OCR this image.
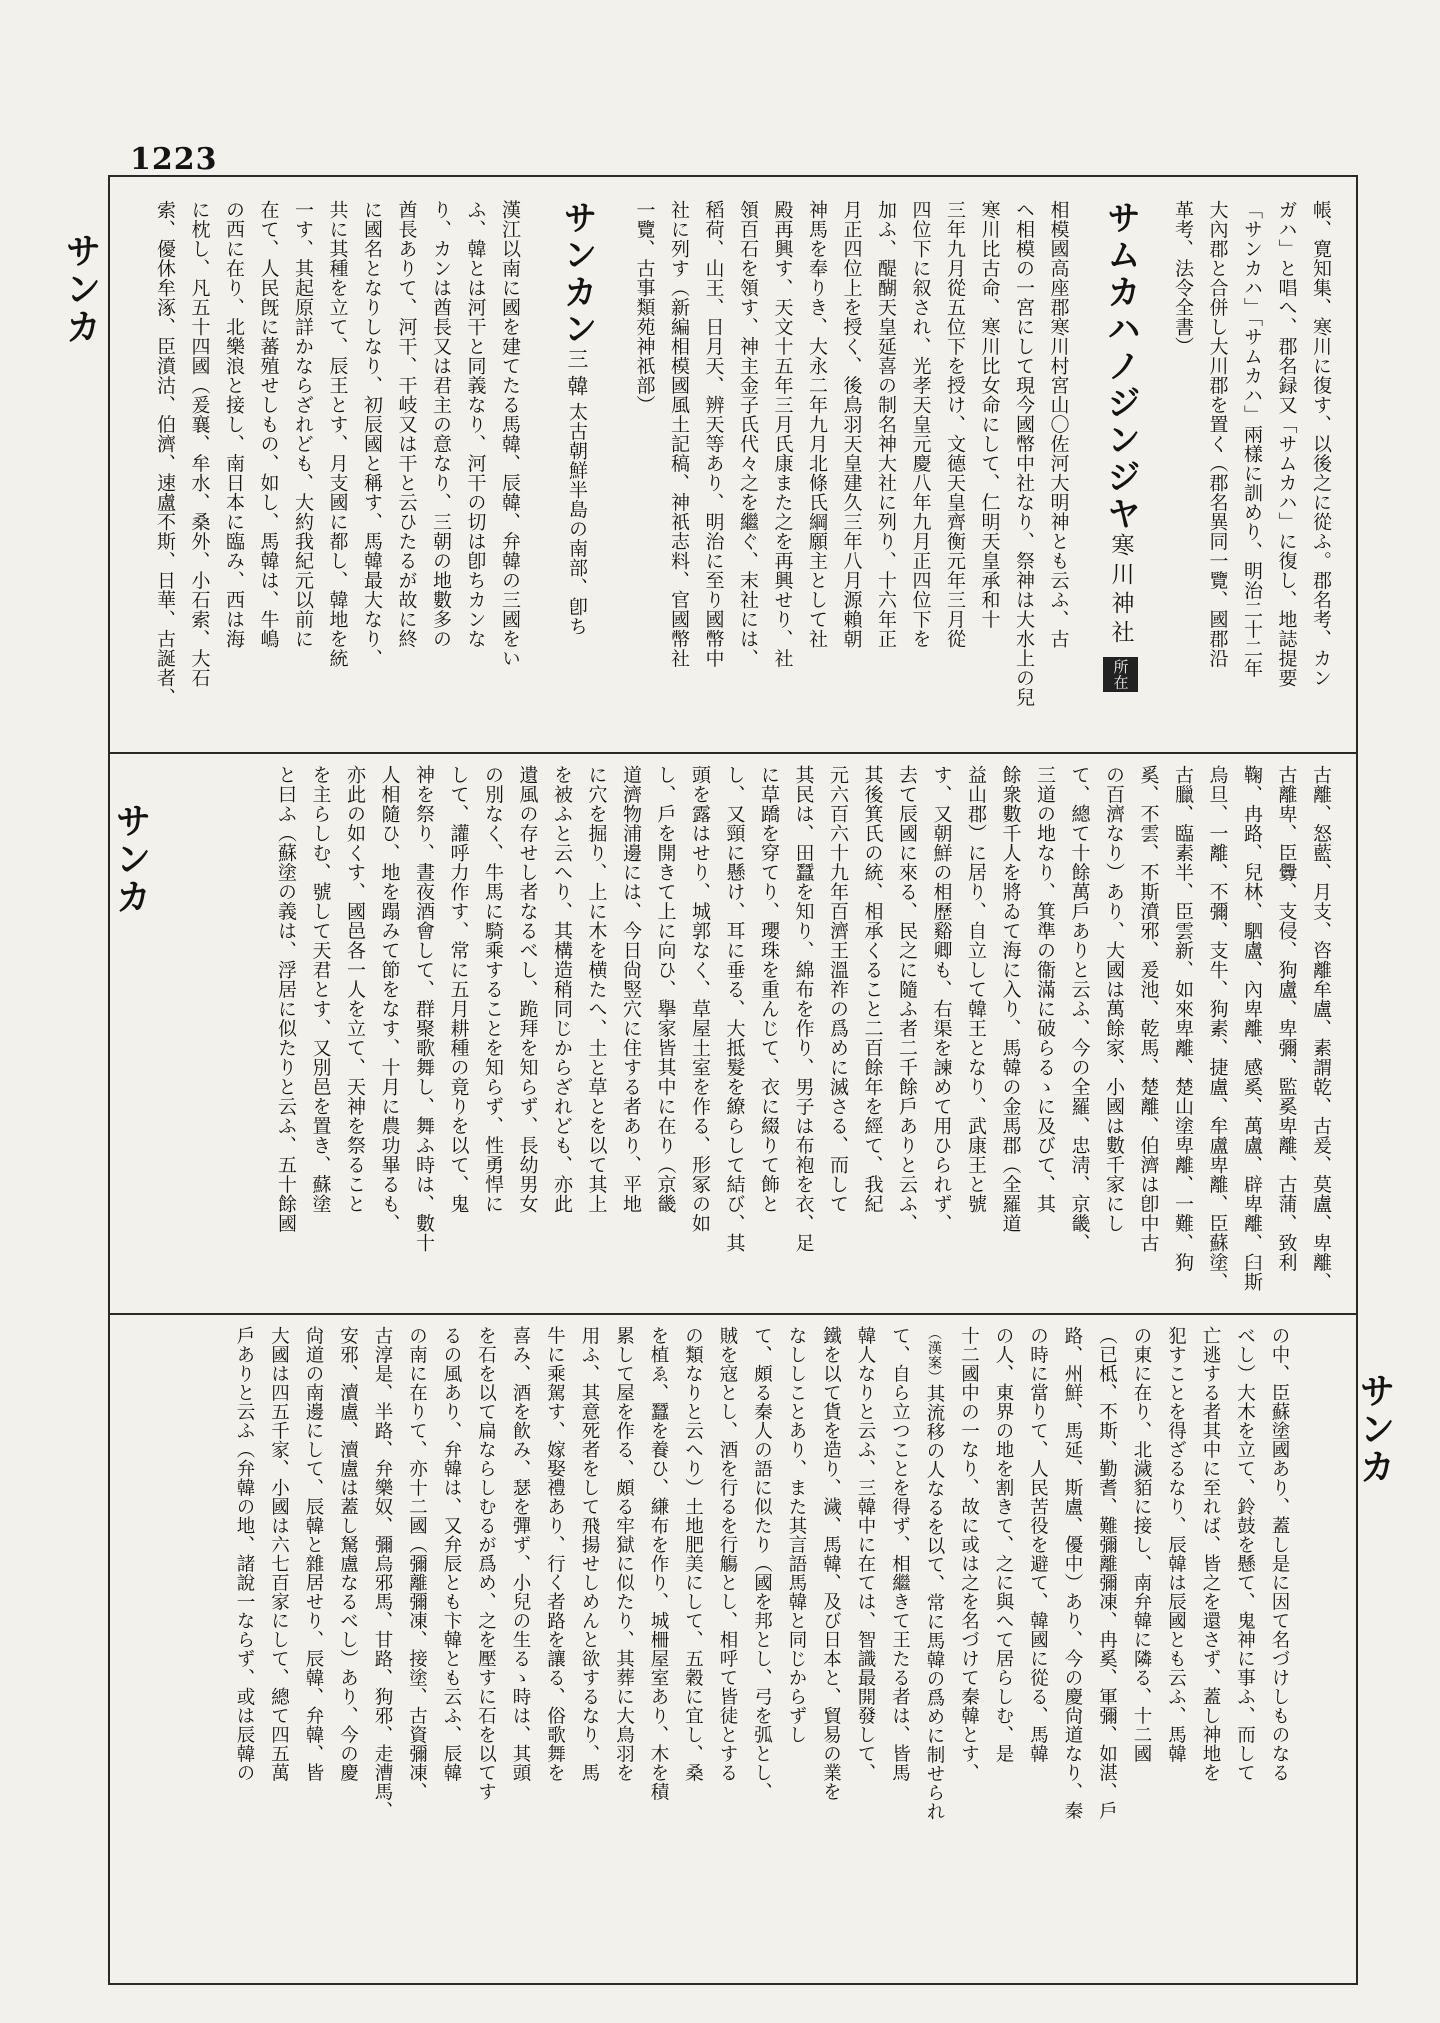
1223
サンカ
サンカ
サンカ
帳、寛知集、寒川に復す、以後之に從ふ。郡名考、カン
ガハ」と唱へ、郡名録又「サムカハ」に復し、地誌提要
「サンカハ」「サムカハ」兩樣に訓めり、明治二十二年
大內郡と合併し大川郡を置く（郡名異同一覽、國郡沿
革考、法令全書）
サムカハノジンジヤ寒川神社所在
相模國高座郡寒川村宮山〇佐河大明神とも云ふ、古
ヘ相模の一宮にして現今國幣中社なり、祭神は大水上の兒
寒川比古命、寒川比女命にして、仁明天皇承和十
三年九月從五位下を授け、文德天皇齊衡元年三月從
四位下に叙され、光孝天皇元慶八年九月正四位下を
加ふ、醍醐天皇延喜の制名神大社に列り、十六年正
月正四位上を授く、後鳥羽天皇建久三年八月源賴朝
神馬を奉りき、大永二年九月北條氏綱願主として社
殿再興す、天文十五年三月氏康また之を再興せり、社
領百石を領す、神主金子氏代々之を繼ぐ、末社には、
稻荷、山王、日月天、辨天等あり、明治に至り國幣中
社に列す（新編相模國風土記稿、神祇志料、官國幣社
一覽、古事類苑神祇部）
サンカン三韓太古朝鮮半島の南部、卽ち
漢江以南に國を建てたる馬韓、辰韓、弁韓の三國をい
ふ、韓とは河干と同義なり、河干の切は卽ちカンな
り、カンは酋長又は君主の意なり、三朝の地數多の
酋長ありて、河干、干岐又は干と云ひたるが故に終
に國名となりしなり、初辰國と稱す、馬韓最大なり、
共に其種を立て、辰王とす、月支國に都し、韓地を統
一す、其起原詳かならざれども、大約我紀元以前に
在て、人民旣に蕃殖せしもの、如し、馬韓は、牛嶋
の西に在り、北樂浪と接し、南日本に臨み、西は海
に枕し、凡五十四國（爰襄、牟水、桑外、小石索、大石
索、優休牟涿、臣濆沽、伯濟、速盧不斯、日華、古誕者、
古離、怒藍、月支、咨離牟盧、素謂乾、古爰、莫盧、卑離、
古離卑、臣釁、支侵、狗盧、卑彌、監奚卑離、古蒲、致利
鞠、冉路、兒林、駟盧、內卑離、感奚、萬盧、辟卑離、臼斯
烏旦、一離、不彌、支牛、狗素、捷盧、牟盧卑離、臣蘇塗、
古臘、臨素半、臣雲新、如來卑離、楚山塗卑離、一難、狗
奚、不雲、不斯濆邪、爰池、乾馬、楚離、伯濟は卽中古
の百濟なり）あり、大國は萬餘家、小國は數千家にし
て、總て十餘萬戶ありと云ふ、今の全羅、忠淸、京畿、
三道の地なり、箕準の衞滿に破らるゝに及びて、其
餘衆數千人を將ゐて海に入り、馬韓の金馬郡（全羅道
益山郡）に居り、自立して韓王となり、武康王と號
す、又朝鮮の相歷谿卿も、右渠を諫めて用ひられず、
去て辰國に來る、民之に隨ふ者二千餘戶ありと云ふ、
其後箕氏の統、相承くること二百餘年を經て、我紀
元六百六十九年百濟王溫祚の爲めに滅さる、而して
其民は、田蠶を知り、綿布を作り、男子は布袍を衣、足
に草蹻を穿てり、瓔珠を重んじて、衣に綴りて飾と
し、又頸に懸け、耳に垂る、大抵髮を繚らして結び、其
頭を露はせり、城郭なく、草屋土室を作る、形冢の如
し、戶を開きて上に向ひ、擧家皆其中に在り（京畿
道濟物浦邊には、今日尙竪穴に住する者あり、平地
に穴を掘り、上に木を横たへ、土と草とを以て其上
を被ふと云へり、其構造稍同じからざれども、亦此
遺風の存せし者なるべし、跪拜を知らず、長幼男女
の別なく、牛馬に騎乘することを知らず、性勇悍に
して、讙呼力作す、常に五月耕種の竟りを以て、鬼
神を祭り、晝夜酒會して、群聚歌舞し、舞ふ時は、數十
人相隨ひ、地を蹋みて節をなす、十月に農功畢るも、
亦此の如くす、國邑各一人を立て、天神を祭ること
を主らしむ、號して天君とす、又別邑を置き、蘇塗
と曰ふ（蘇塗の義は、浮居に似たりと云ふ、五十餘國
の中、臣蘇塗國あり、蓋し是に因て名づけしものなる
べし）大木を立て、鈴鼓を懸て、鬼神に事ふ、而して
亡逃する者其中に至れば、皆之を還さず、蓋し神地を
犯すことを得ざるなり、辰韓は辰國とも云ふ、馬韓
の東に在り、北濊貊に接し、南弁韓に隣る、十二國
（已柢、不斯、勤耆、難彌離彌凍、冉奚、軍彌、如湛、戶
路、州鮮、馬延、斯盧、優中）あり、今の慶尙道なり、秦
の時に當りて、人民苦役を避て、韓國に從る、馬韓
の人、東界の地を割きて、之に與へて居らしむ、是
十二國中の一なり、故に或は之を名づけて秦韓とす、
（漢案）其流移の人なるを以て、常に馬韓の爲めに制せられ
て、自ら立つことを得ず、相繼きて王たる者は、皆馬
韓人なりと云ふ、三韓中に在ては、智識最開發して、
鐵を以て貨を造り、濊、馬韓、及び日本と、貿易の業を
なししことあり、また其言語馬韓と同じからずし
て、頗る秦人の語に似たり（國を邦とし、弓を弧とし、
賊を寇とし、酒を行るを行觴とし、相呼て皆徒とする
の類なりと云へり）土地肥美にして、五穀に宜し、桑
を植ゑ、蠶を養ひ、縑布を作り、城柵屋室あり、木を積
累して屋を作る、頗る牢獄に似たり、其葬に大鳥羽を
用ふ、其意死者をして飛揚せしめんと欲するなり、馬
牛に乘駕す、嫁娶禮あり、行く者路を讓る、俗歌舞を
喜み、酒を飮み、瑟を彈ず、小兒の生るゝ時は、其頭
を石を以て扁ならしむるが爲め、之を壓すに石を以てす
るの風あり、弁韓は、又弁辰とも卞韓とも云ふ、辰韓
の南に在りて、亦十二國（彌離彌凍、接塗、古資彌凍、
古淳是、半路、弁樂奴、彌烏邪馬、甘路、狗邪、走漕馬、
安邪、瀆盧、瀆盧は蓋し駑盧なるべし）あり、今の慶
尙道の南邊にして、辰韓と雜居せり、辰韓、弁韓、皆
大國は四五千家、小國は六七百家にして、總て四五萬
戶ありと云ふ（弁韓の地、諸說一ならず、或は辰韓の
